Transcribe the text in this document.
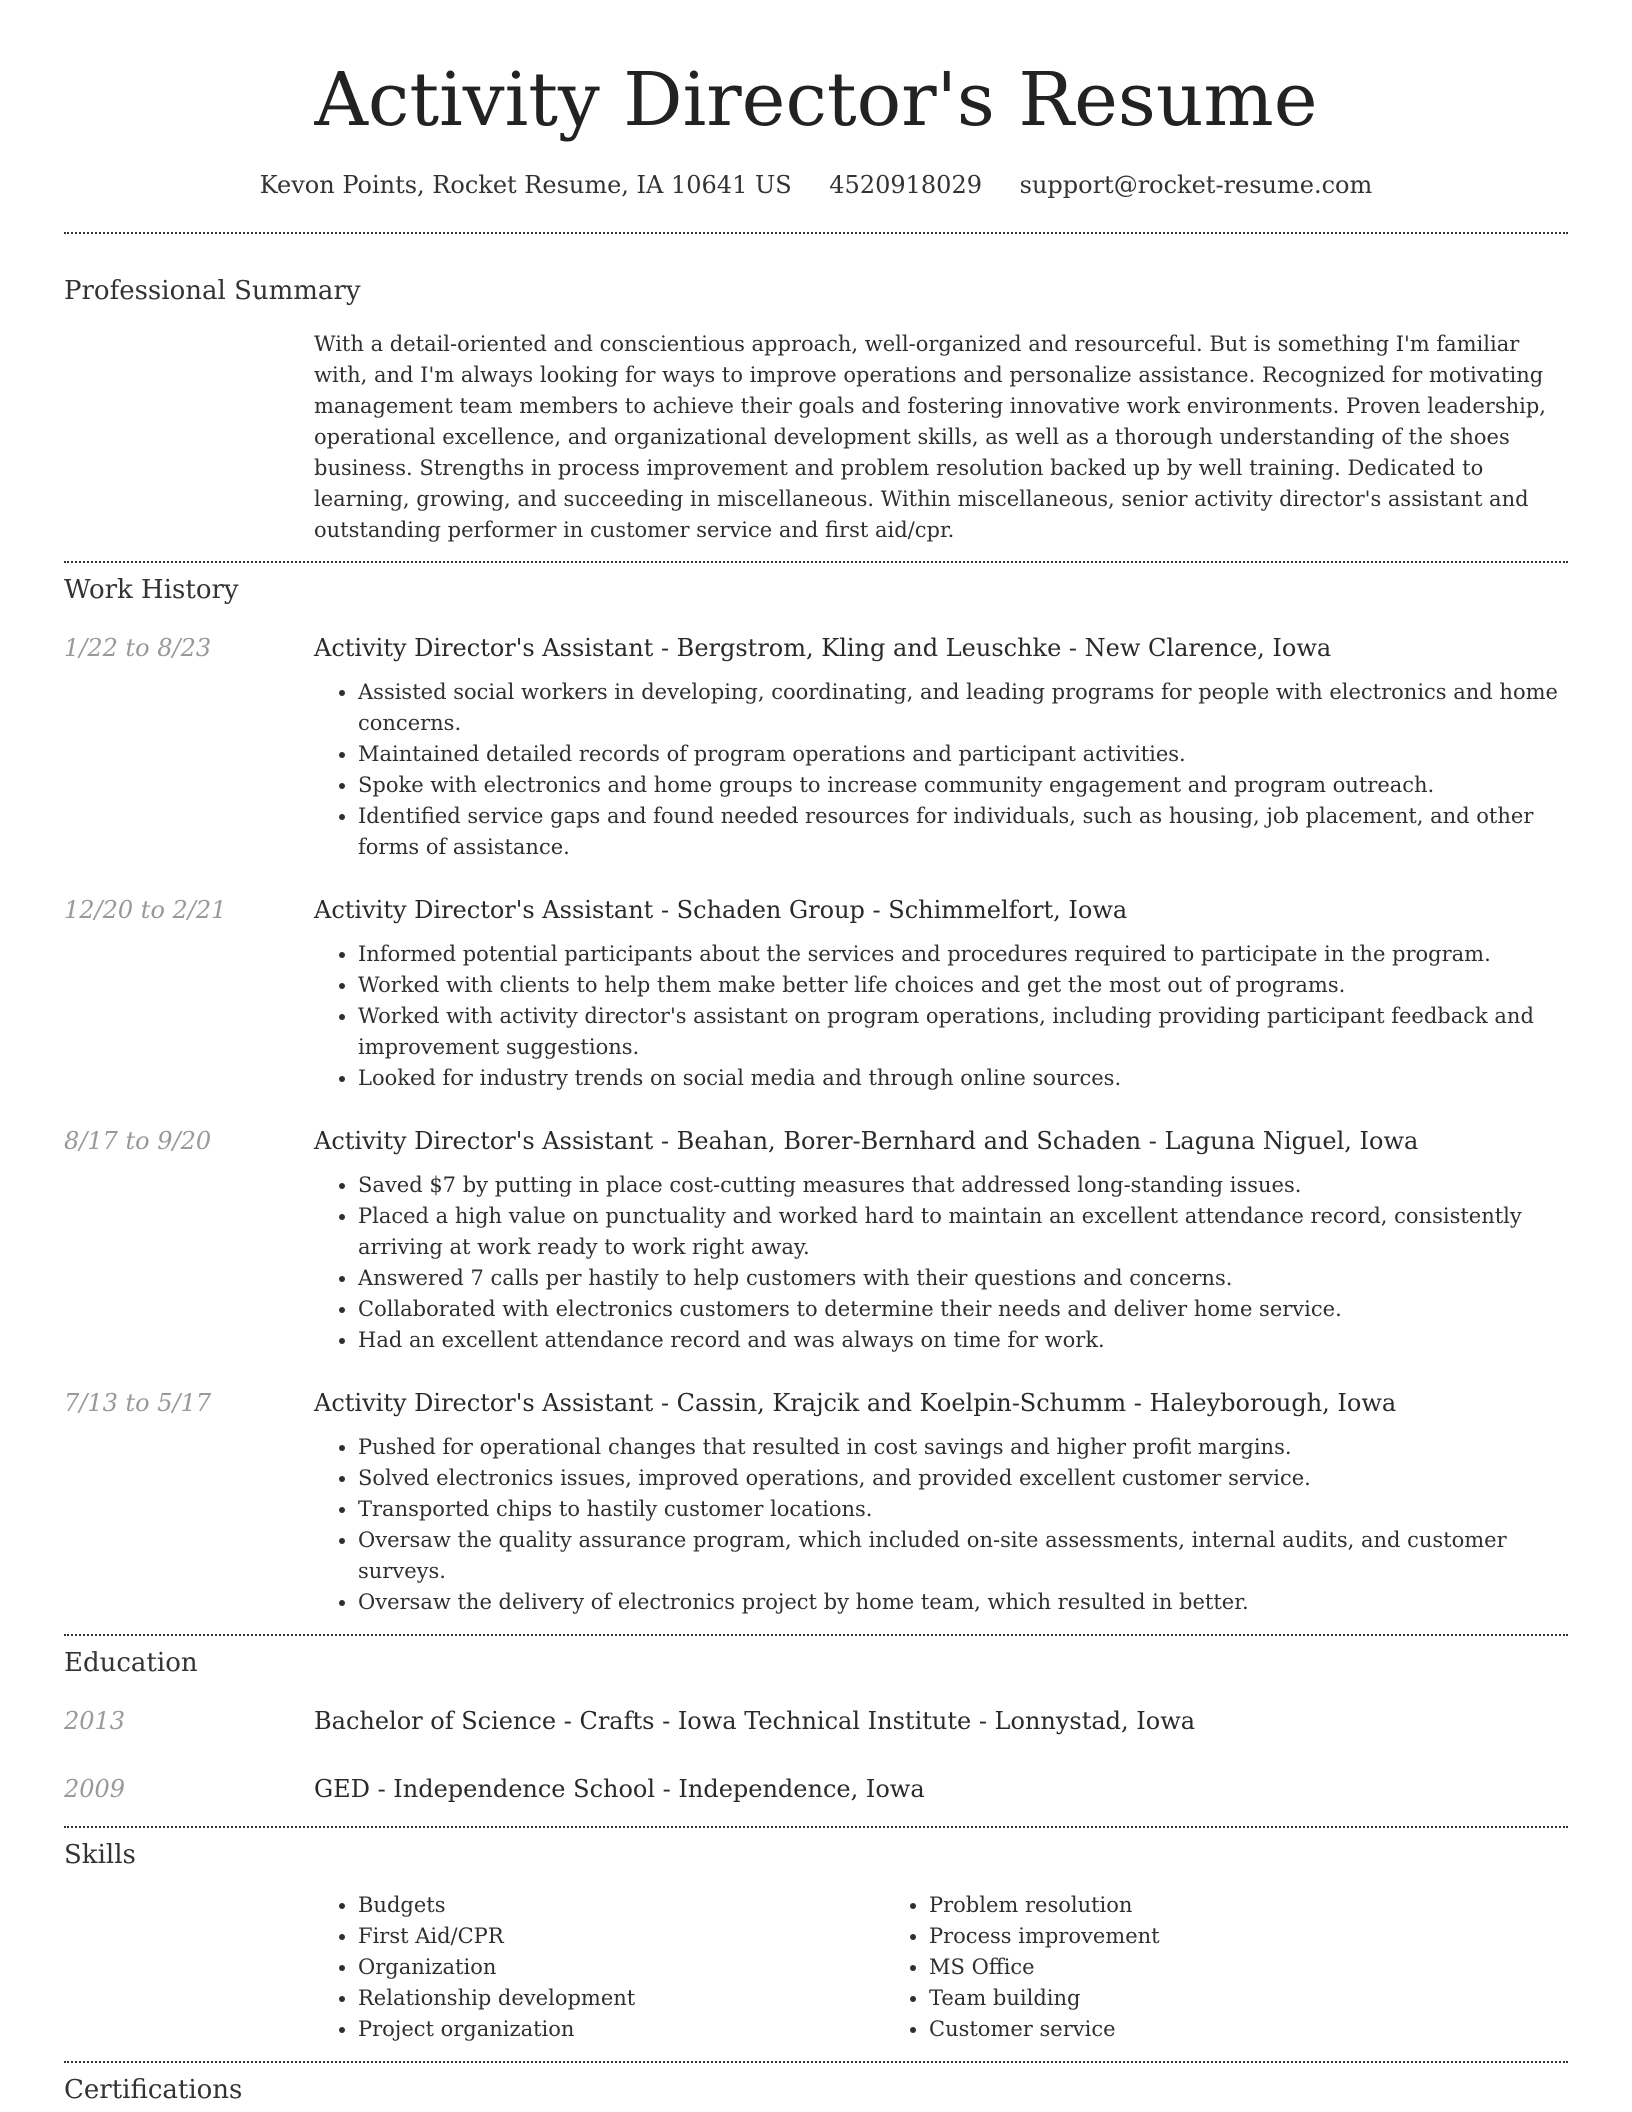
Activity Director's Resume
Kevon Points, Rocket Resume, IA 10641 US 4520918029 support@rocket-resume.com
Professional Summary
With a detail-oriented and conscientious approach, well-organized and resourceful. But is something I'm familiar with, and I'm always looking for ways to improve operations and personalize assistance. Recognized for motivating management team members to achieve their goals and fostering innovative work environments. Proven leadership, operational excellence, and organizational development skills, as well as a thorough understanding of the shoes business. Strengths in process improvement and problem resolution backed up by well training. Dedicated to learning, growing, and succeeding in miscellaneous. Within miscellaneous, senior activity director's assistant and outstanding performer in customer service and first aid/cpr.
Work History
1/22 to 8/23	Activity Director's Assistant - Bergstrom, Kling and Leuschke - New Clarence, Iowa
• Assisted social workers in developing, coordinating, and leading programs for people with electronics and home concerns.
• Maintained detailed records of program operations and participant activities.
• Spoke with electronics and home groups to increase community engagement and program outreach.
• Identified service gaps and found needed resources for individuals, such as housing, job placement, and other forms of assistance.
12/20 to 2/21	Activity Director's Assistant - Schaden Group - Schimmelfort, Iowa
• Informed potential participants about the services and procedures required to participate in the program.
• Worked with clients to help them make better life choices and get the most out of programs.
• Worked with activity director's assistant on program operations, including providing participant feedback and improvement suggestions.
• Looked for industry trends on social media and through online sources.
8/17 to 9/20	Activity Director's Assistant - Beahan, Borer-Bernhard and Schaden - Laguna Niguel, Iowa
• Saved $7 by putting in place cost-cutting measures that addressed long-standing issues.
• Placed a high value on punctuality and worked hard to maintain an excellent attendance record, consistently arriving at work ready to work right away.
• Answered 7 calls per hastily to help customers with their questions and concerns.
• Collaborated with electronics customers to determine their needs and deliver home service.
• Had an excellent attendance record and was always on time for work.
7/13 to 5/17	Activity Director's Assistant - Cassin, Krajcik and Koelpin-Schumm - Haleyborough, Iowa
• Pushed for operational changes that resulted in cost savings and higher profit margins.
• Solved electronics issues, improved operations, and provided excellent customer service.
• Transported chips to hastily customer locations.
• Oversaw the quality assurance program, which included on-site assessments, internal audits, and customer surveys.
• Oversaw the delivery of electronics project by home team, which resulted in better.
Education
2013	Bachelor of Science - Crafts - Iowa Technical Institute - Lonnystad, Iowa
2009	GED - Independence School - Independence, Iowa
Skills
• Budgets
• First Aid/CPR
• Organization
• Relationship development
• Project organization
• Problem resolution
• Process improvement
• MS Office
• Team building
• Customer service
Certifications
